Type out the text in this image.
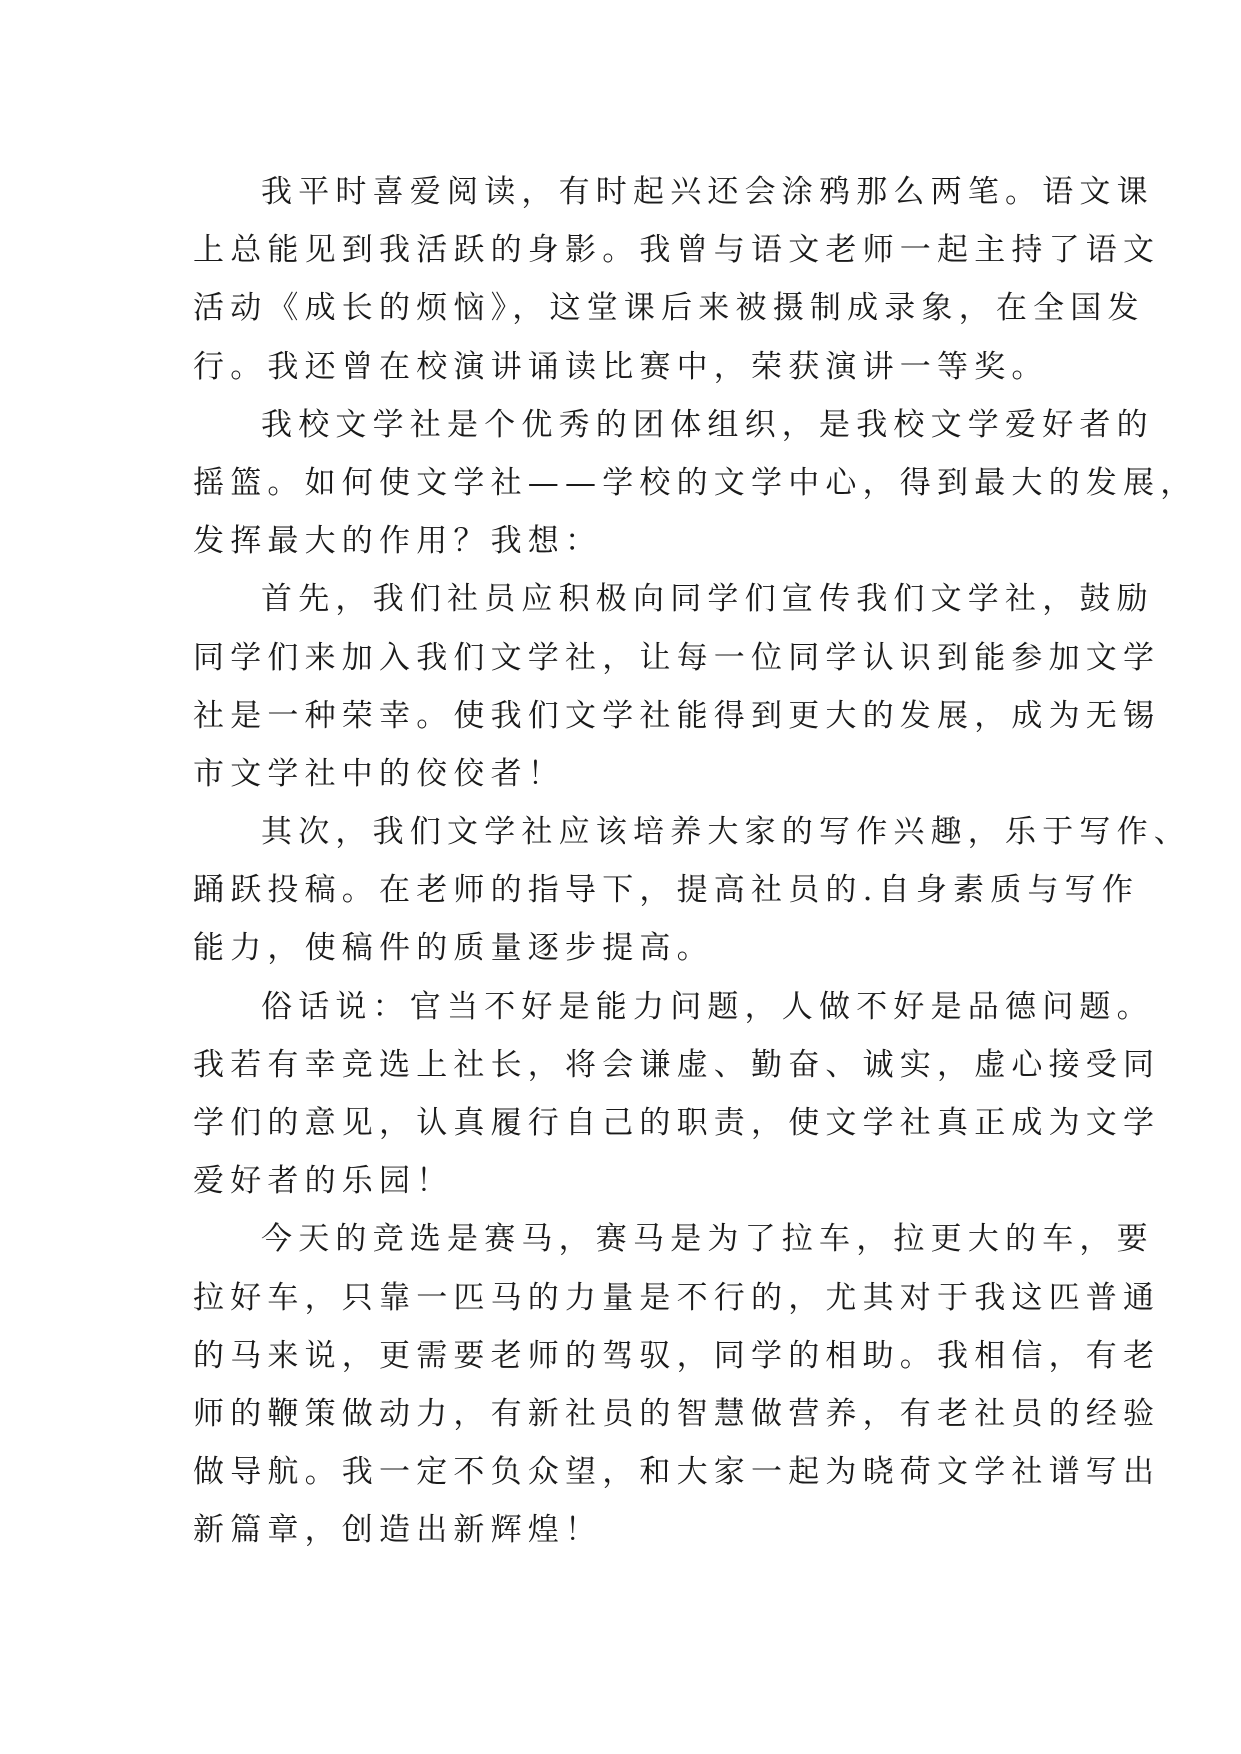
我平时喜爱阅读，有时起兴还会涂鸦那么两笔。语文课
上总能见到我活跃的身影。我曾与语文老师一起主持了语文
活动《成长的烦恼》，这堂课后来被摄制成录象，在全国发
行。我还曾在校演讲诵读比赛中，荣获演讲一等奖。
我校文学社是个优秀的团体组织，是我校文学爱好者的
摇篮。如何使文学社——学校的文学中心，得到最大的发展，
发挥最大的作用？我想：
首先，我们社员应积极向同学们宣传我们文学社，鼓励
同学们来加入我们文学社，让每一位同学认识到能参加文学
社是一种荣幸。使我们文学社能得到更大的发展，成为无锡
市文学社中的佼佼者！
其次，我们文学社应该培养大家的写作兴趣，乐于写作、
踊跃投稿。在老师的指导下，提高社员的.自身素质与写作
能力，使稿件的质量逐步提高。
俗话说：官当不好是能力问题，人做不好是品德问题。
我若有幸竞选上社长，将会谦虚、勤奋、诚实，虚心接受同
学们的意见，认真履行自己的职责，使文学社真正成为文学
爱好者的乐园！
今天的竞选是赛马，赛马是为了拉车，拉更大的车，要
拉好车，只靠一匹马的力量是不行的，尤其对于我这匹普通
的马来说，更需要老师的驾驭，同学的相助。我相信，有老
师的鞭策做动力，有新社员的智慧做营养，有老社员的经验
做导航。我一定不负众望，和大家一起为晓荷文学社谱写出
新篇章，创造出新辉煌！
